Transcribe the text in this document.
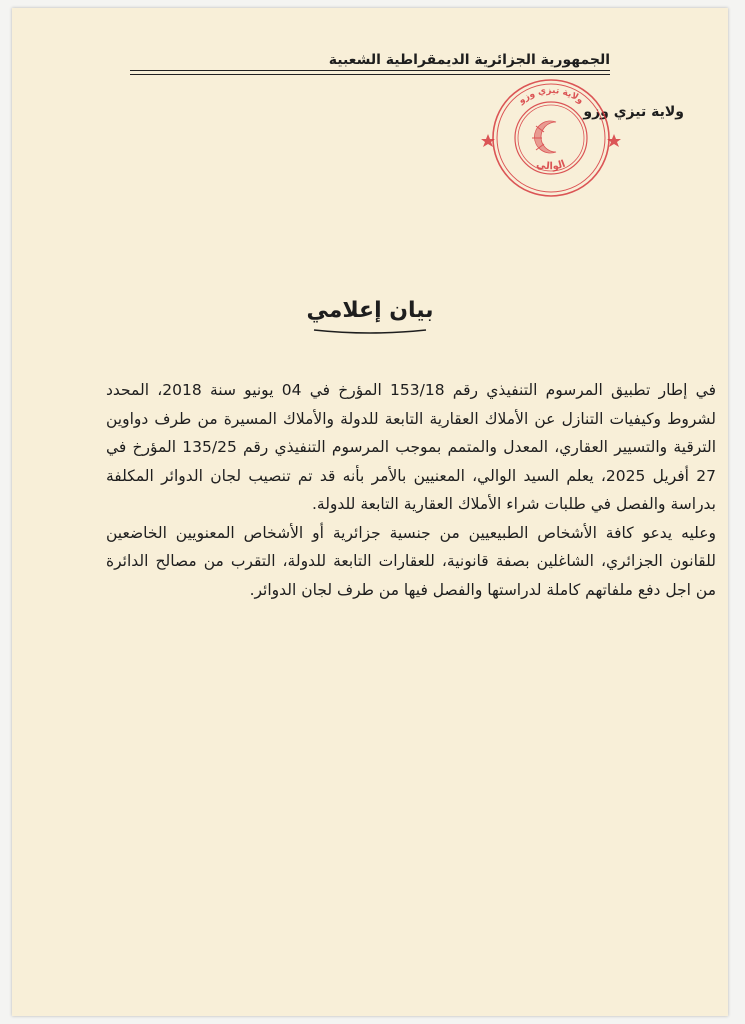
الجمهورية الجزائرية الديمقراطية الشعبية
ولاية تيزي وزو
ولاية تيزي وزو
الوالي
بيان إعلامي

في إطار تطبيق المرسوم التنفيذي رقم 153/18 المؤرخ في 04 يونيو سنة 2018، المحدد لشروط وكيفيات التنازل عن الأملاك العقارية التابعة للدولة والأملاك المسيرة من طرف دواوين الترقية والتسيير العقاري، المعدل والمتمم بموجب المرسوم التنفيذي رقم 135/25 المؤرخ في 27 أفريل 2025، يعلم السيد الوالي، المعنيين بالأمر بأنه قد تم تنصيب لجان الدوائر المكلفة بدراسة والفصل في طلبات شراء الأملاك العقارية التابعة للدولة.

وعليه يدعو كافة الأشخاص الطبيعيين من جنسية جزائرية أو الأشخاص المعنويين الخاضعين للقانون الجزائري، الشاغلين بصفة قانونية، للعقارات التابعة للدولة، التقرب من مصالح الدائرة من اجل دفع ملفاتهم كاملة لدراستها والفصل فيها من طرف لجان الدوائر.
